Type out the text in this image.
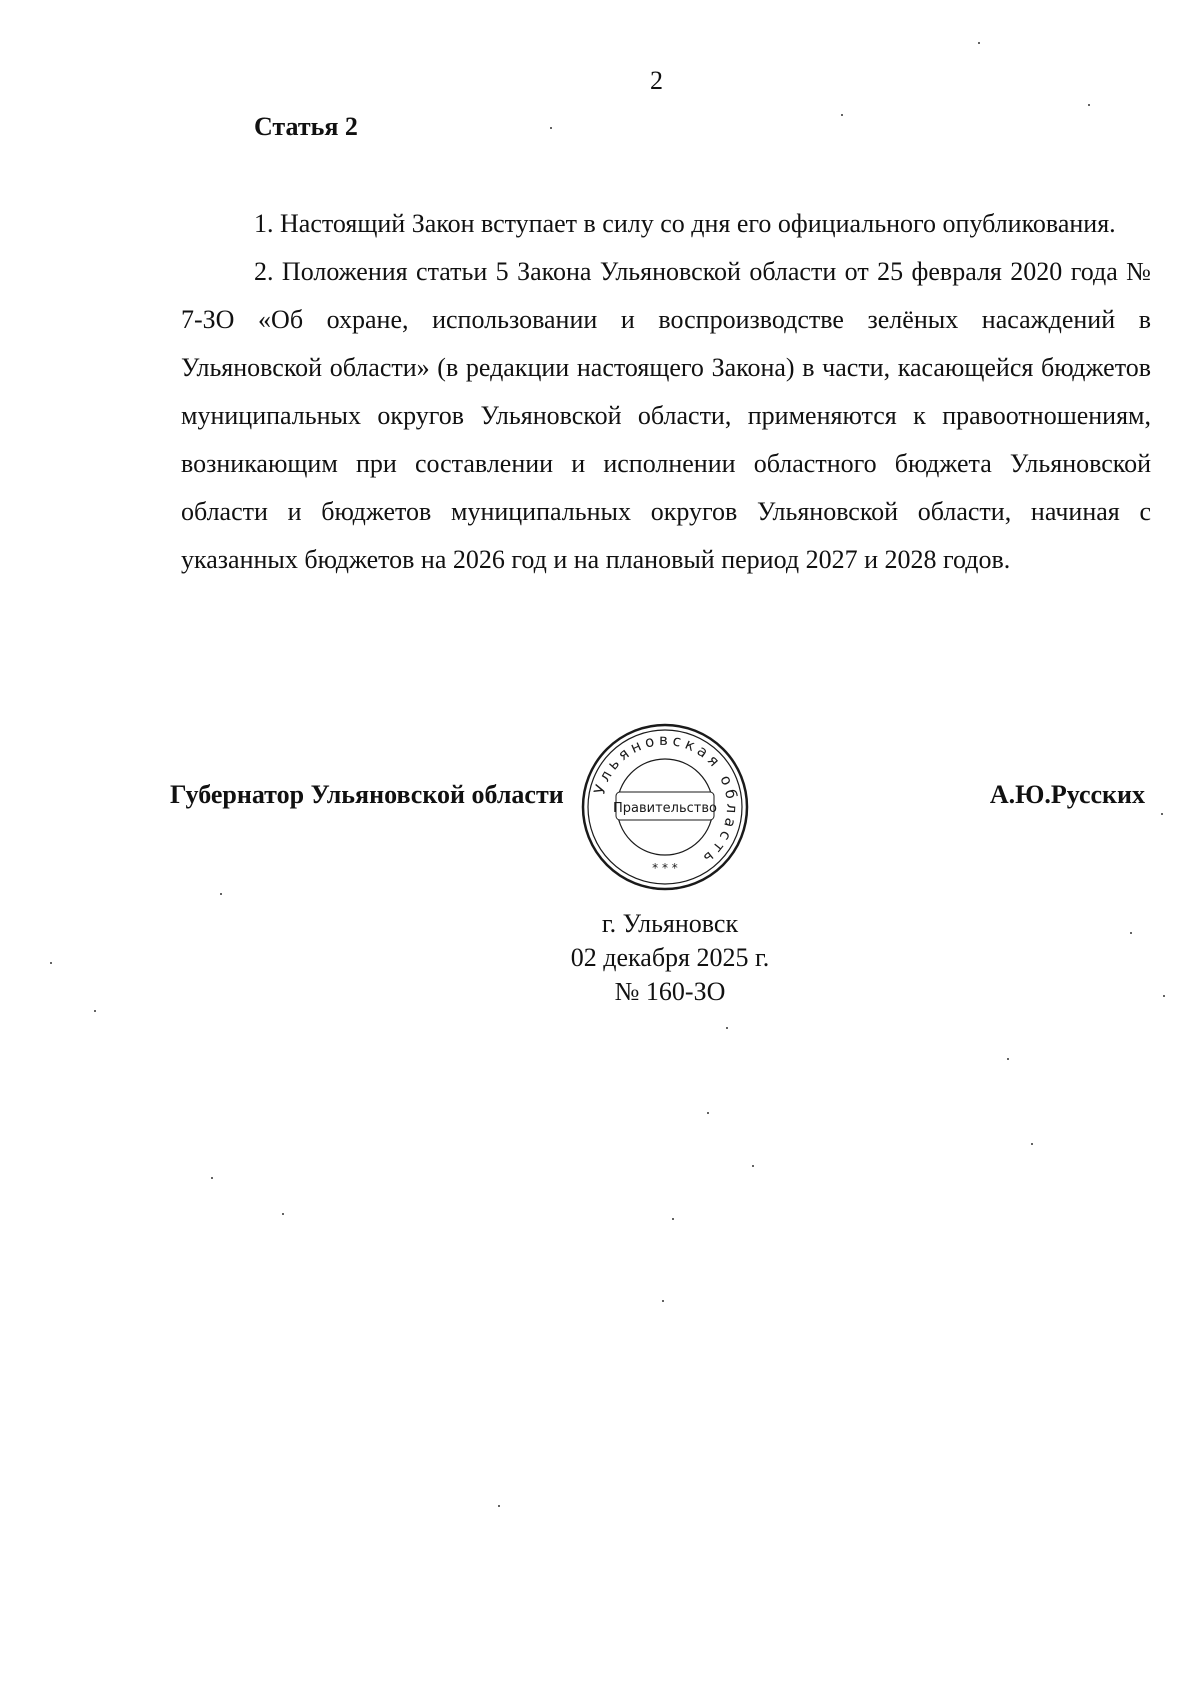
2
Статья 2

1. Настоящий Закон вступает в силу со дня его официального опубликования.

2. Положения статьи 5 Закона Ульяновской области от 25 февраля 2020 года № 7-ЗО «Об охране, использовании и воспроизводстве зелёных насаждений в Ульяновской области» (в редакции настоящего Закона) в части, касающейся бюджетов муниципальных округов Ульяновской области, применяются к правоотношениям, возникающим при составлении и исполнении областного бюджета Ульяновской области и бюджетов муниципальных округов Ульяновской области, начиная с указанных бюджетов на 2026 год и на плановый период 2027 и 2028 годов.

Губернатор Ульяновской области Ульяновская область
Правительство
* * *
А.Ю.Русских
г. Ульяновск
02 декабря 2025 г.
№ 160-ЗО
